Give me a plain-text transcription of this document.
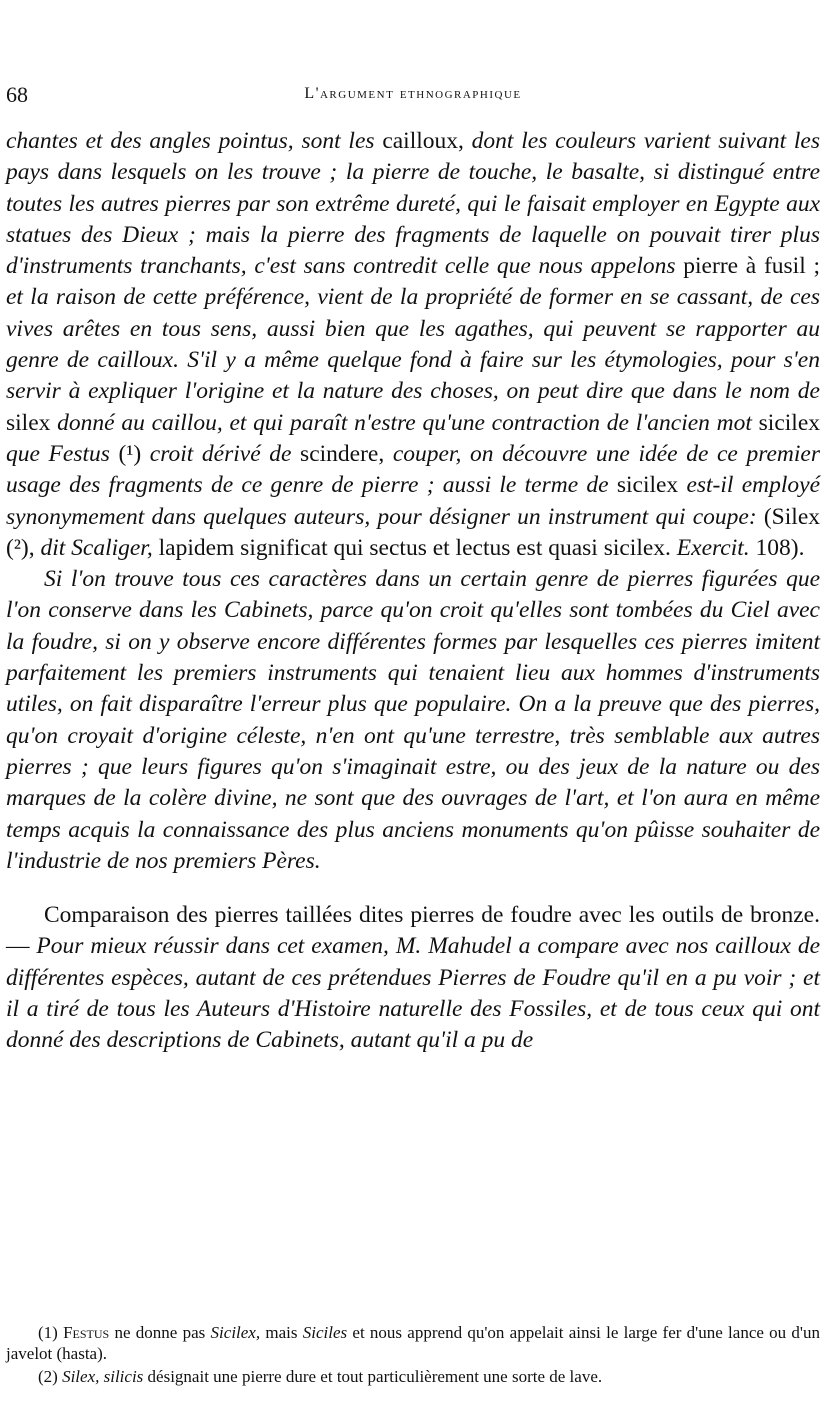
68	L'argument ethnographique

chantes et des angles pointus, sont les cailloux, dont les couleurs varient suivant les pays dans lesquels on les trouve ; la pierre de touche, le basalte, si distingué entre toutes les autres pierres par son extrême dureté, qui le faisait employer en Egypte aux statues des Dieux ; mais la pierre des fragments de laquelle on pouvait tirer plus d'instruments tranchants, c'est sans contredit celle que nous appelons pierre à fusil ; et la raison de cette préférence, vient de la propriété de former en se cassant, de ces vives arêtes en tous sens, aussi bien que les agathes, qui peuvent se rapporter au genre de cailloux. S'il y a même quelque fond à faire sur les étymologies, pour s'en servir à expliquer l'origine et la nature des choses, on peut dire que dans le nom de silex donné au caillou, et qui paraît n'estre qu'une contraction de l'ancien mot sicilex que Festus (¹) croit dérivé de scindere, couper, on découvre une idée de ce premier usage des fragments de ce genre de pierre ; aussi le terme de sicilex est-il employé synonymement dans quelques auteurs, pour désigner un instrument qui coupe: (Silex (²), dit Scaliger, lapidem significat qui sectus et lectus est quasi sicilex. Exercit. 108).

Si l'on trouve tous ces caractères dans un certain genre de pierres figurées que l'on conserve dans les Cabinets, parce qu'on croit qu'elles sont tombées du Ciel avec la foudre, si on y observe encore différentes formes par lesquelles ces pierres imitent parfaitement les premiers instruments qui tenaient lieu aux hommes d'instruments utiles, on fait disparaître l'erreur plus que populaire. On a la preuve que des pierres, qu'on croyait d'origine céleste, n'en ont qu'une terrestre, très semblable aux autres pierres ; que leurs figures qu'on s'imaginait estre, ou des jeux de la nature ou des marques de la colère divine, ne sont que des ouvrages de l'art, et l'on aura en même temps acquis la connaissance des plus anciens monuments qu'on pûisse souhaiter de l'industrie de nos premiers Pères.

Comparaison des pierres taillées dites pierres de foudre avec les outils de bronze. — Pour mieux réussir dans cet examen, M. Mahudel a compare avec nos cailloux de différentes espèces, autant de ces prétendues Pierres de Foudre qu'il en a pu voir ; et il a tiré de tous les Auteurs d'Histoire naturelle des Fossiles, et de tous ceux qui ont donné des descriptions de Cabinets, autant qu'il a pu de

(1) Festus ne donne pas Sicilex, mais Siciles et nous apprend qu'on appelait ainsi le large fer d'une lance ou d'un javelot (hasta).

(2) Silex, silicis désignait une pierre dure et tout particulièrement une sorte de lave.
